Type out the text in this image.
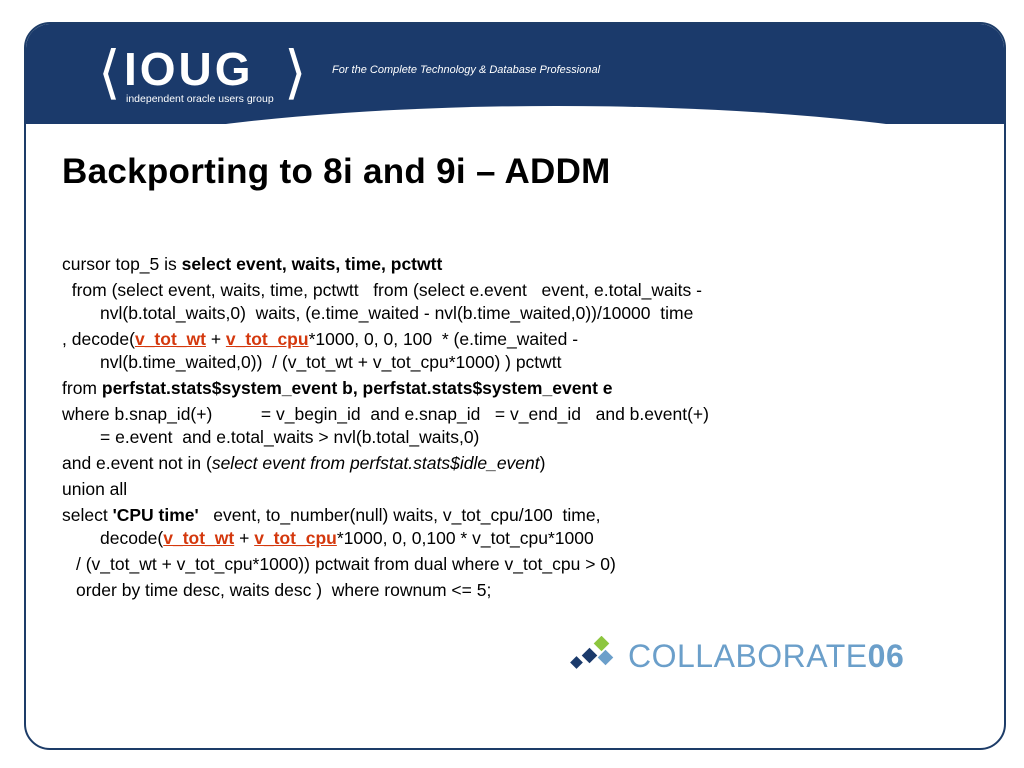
⟨ IOUG ⟩
independent oracle users group
For the Complete Technology & Database Professional
Backporting to 8i and 9i – ADDM
cursor top_5 is select event, waits, time, pctwtt
from (select event, waits, time, pctwtt   from (select e.event   event, e.total_waits -
nvl(b.total_waits,0)  waits, (e.time_waited - nvl(b.time_waited,0))/10000  time
, decode(v_tot_wt + v_tot_cpu*1000, 0, 0, 100  * (e.time_waited -
nvl(b.time_waited,0))  / (v_tot_wt + v_tot_cpu*1000) ) pctwtt
from perfstat.stats$system_event b, perfstat.stats$system_event e
where b.snap_id(+)          = v_begin_id  and e.snap_id   = v_end_id   and b.event(+)
= e.event  and e.total_waits > nvl(b.total_waits,0)
and e.event not in (select event from perfstat.stats$idle_event)
union all
select 'CPU time'   event, to_number(null) waits, v_tot_cpu/100  time,
decode(v_tot_wt + v_tot_cpu*1000, 0, 0,100 * v_tot_cpu*1000
/ (v_tot_wt + v_tot_cpu*1000)) pctwait from dual where v_tot_cpu > 0)
order by time desc, waits desc )  where rownum <= 5;
COLLABORATE06
